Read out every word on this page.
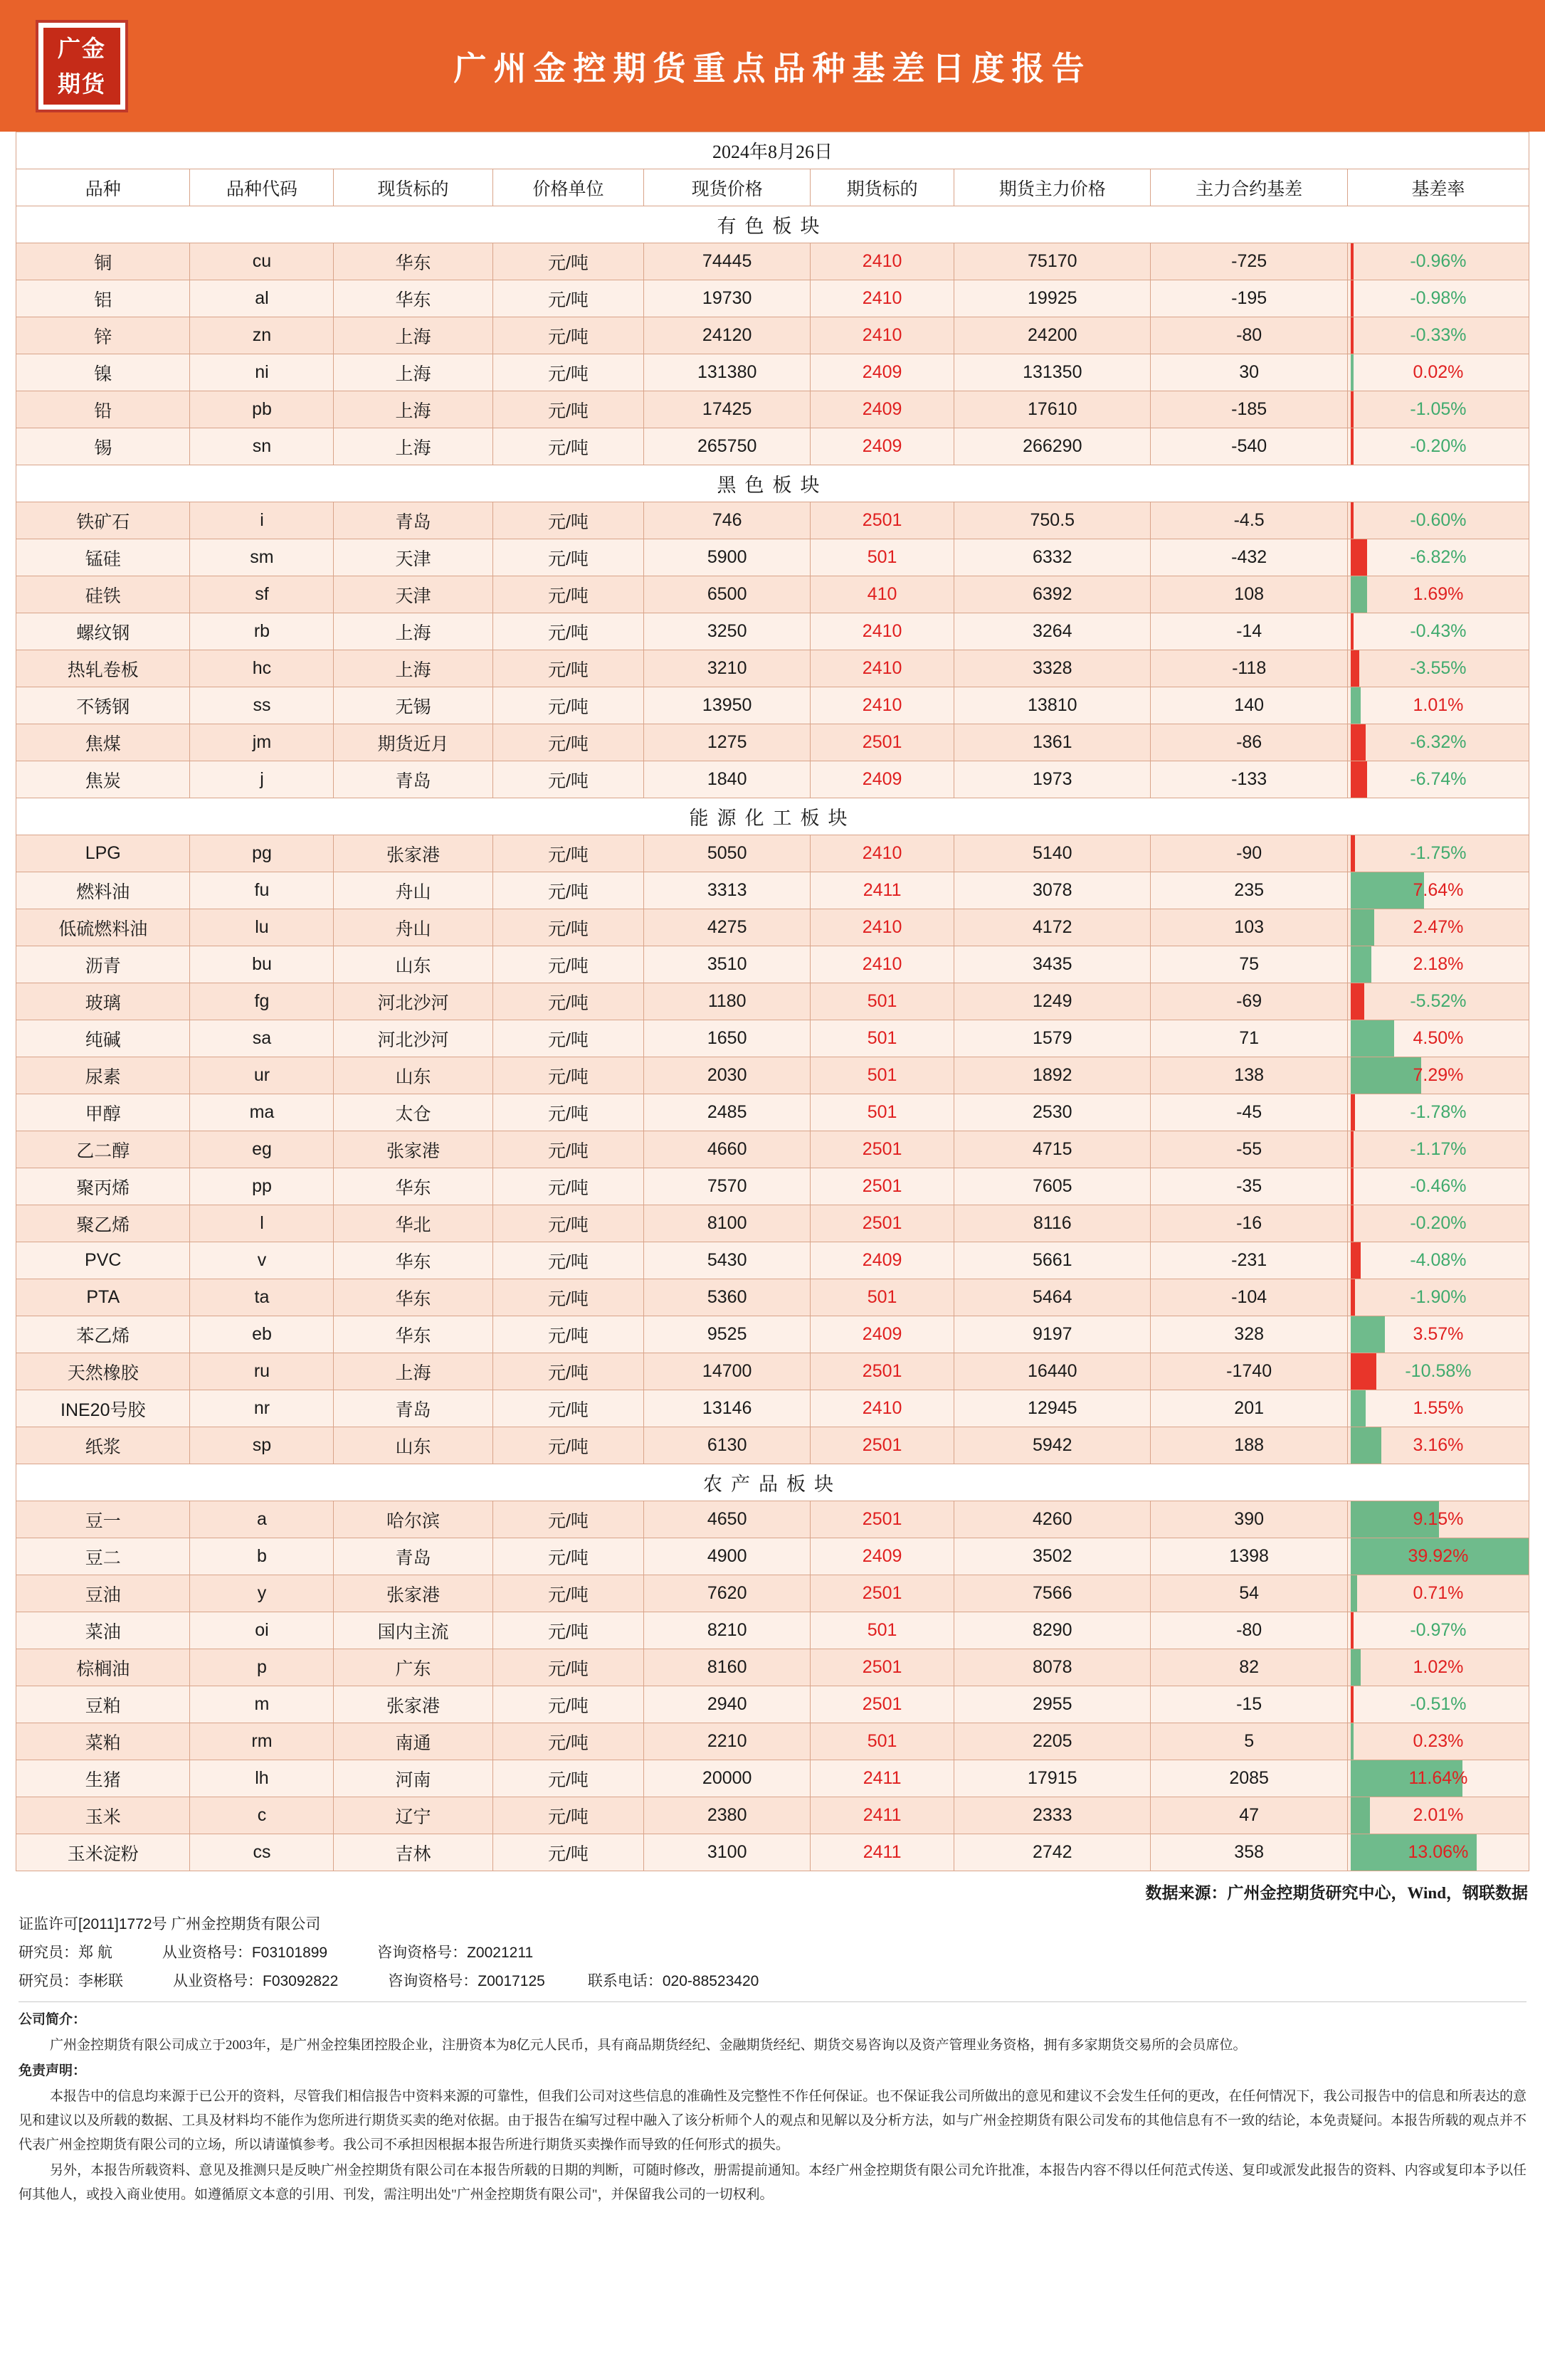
广金
期货	广州金控期货重点品种基差日度报告
2024年8月26日								
品种	品种代码	现货标的	价格单位	现货价格	期货标的	期货主力价格	主力合约基差	基差率
有色板块								
铜	cu	华东	元/吨	74445	2410	75170	-725	-0.96%

铝	al	华东	元/吨	19730	2410	19925	-195	-0.98%

锌	zn	上海	元/吨	24120	2410	24200	-80	-0.33%

镍	ni	上海	元/吨	131380	2409	131350	30	0.02%

铅	pb	上海	元/吨	17425	2409	17610	-185	-1.05%

锡	sn	上海	元/吨	265750	2409	266290	-540	-0.20%

黑色板块								
铁矿石	i	青岛	元/吨	746	2501	750.5	-4.5	-0.60%

锰硅	sm	天津	元/吨	5900	501	6332	-432	-6.82%

硅铁	sf	天津	元/吨	6500	410	6392	108	1.69%

螺纹钢	rb	上海	元/吨	3250	2410	3264	-14	-0.43%

热轧卷板	hc	上海	元/吨	3210	2410	3328	-118	-3.55%

不锈钢	ss	无锡	元/吨	13950	2410	13810	140	1.01%

焦煤	jm	期货近月	元/吨	1275	2501	1361	-86	-6.32%

焦炭	j	青岛	元/吨	1840	2409	1973	-133	-6.74%

能源化工板块								
LPG	pg	张家港	元/吨	5050	2410	5140	-90	-1.75%

燃料油	fu	舟山	元/吨	3313	2411	3078	235	7.64%

低硫燃料油	lu	舟山	元/吨	4275	2410	4172	103	2.47%

沥青	bu	山东	元/吨	3510	2410	3435	75	2.18%

玻璃	fg	河北沙河	元/吨	1180	501	1249	-69	-5.52%

纯碱	sa	河北沙河	元/吨	1650	501	1579	71	4.50%

尿素	ur	山东	元/吨	2030	501	1892	138	7.29%

甲醇	ma	太仓	元/吨	2485	501	2530	-45	-1.78%

乙二醇	eg	张家港	元/吨	4660	2501	4715	-55	-1.17%

聚丙烯	pp	华东	元/吨	7570	2501	7605	-35	-0.46%

聚乙烯	l	华北	元/吨	8100	2501	8116	-16	-0.20%

PVC	v	华东	元/吨	5430	2409	5661	-231	-4.08%

PTA	ta	华东	元/吨	5360	501	5464	-104	-1.90%

苯乙烯	eb	华东	元/吨	9525	2409	9197	328	3.57%

天然橡胶	ru	上海	元/吨	14700	2501	16440	-1740	-10.58%

INE20号胶	nr	青岛	元/吨	13146	2410	12945	201	1.55%

纸浆	sp	山东	元/吨	6130	2501	5942	188	3.16%

农产品板块								
豆一	a	哈尔滨	元/吨	4650	2501	4260	390	9.15%

豆二	b	青岛	元/吨	4900	2409	3502	1398	39.92%

豆油	y	张家港	元/吨	7620	2501	7566	54	0.71%

菜油	oi	国内主流	元/吨	8210	501	8290	-80	-0.97%

棕榈油	p	广东	元/吨	8160	2501	8078	82	1.02%

豆粕	m	张家港	元/吨	2940	2501	2955	-15	-0.51%

菜粕	rm	南通	元/吨	2210	501	2205	5	0.23%

生猪	lh	河南	元/吨	20000	2411	17915	2085	11.64%

玉米	c	辽宁	元/吨	2380	2411	2333	47	2.01%

玉米淀粉	cs	吉林	元/吨	3100	2411	2742	358	13.06%
数据来源：广州金控期货研究中心，Wind，钢联数据
证监许可[2011]1772号 广州金控期货有限公司
研究员：郑 航	从业资格号：F03101899	咨询资格号：Z0021211
研究员：李彬联	从业资格号：F03092822	咨询资格号：Z0017125	联系电话：020-88523420

公司简介：

广州金控期货有限公司成立于2003年，是广州金控集团控股企业，注册资本为8亿元人民币，具有商品期货经纪、金融期货经纪、期货交易咨询以及资产管理业务资格，拥有多家期货交易所的会员席位。

免责声明：

本报告中的信息均来源于已公开的资料，尽管我们相信报告中资料来源的可靠性，但我们公司对这些信息的准确性及完整性不作任何保证。也不保证我公司所做出的意见和建议不会发生任何的更改，在任何情况下，我公司报告中的信息和所表达的意见和建议以及所载的数据、工具及材料均不能作为您所进行期货买卖的绝对依据。由于报告在编写过程中融入了该分析师个人的观点和见解以及分析方法，如与广州金控期货有限公司发布的其他信息有不一致的结论，本免责疑问。本报告所载的观点并不代表广州金控期货有限公司的立场，所以请谨慎参考。我公司不承担因根据本报告所进行期货买卖操作而导致的任何形式的损失。

另外，本报告所载资料、意见及推测只是反映广州金控期货有限公司在本报告所载的日期的判断，可随时修改，册需提前通知。本经广州金控期货有限公司允许批准，本报告内容不得以任何范式传送、复印或派发此报告的资料、内容或复印本予以任何其他人，或投入商业使用。如遵循原文本意的引用、刊发，需注明出处"广州金控期货有限公司"，并保留我公司的一切权利。
